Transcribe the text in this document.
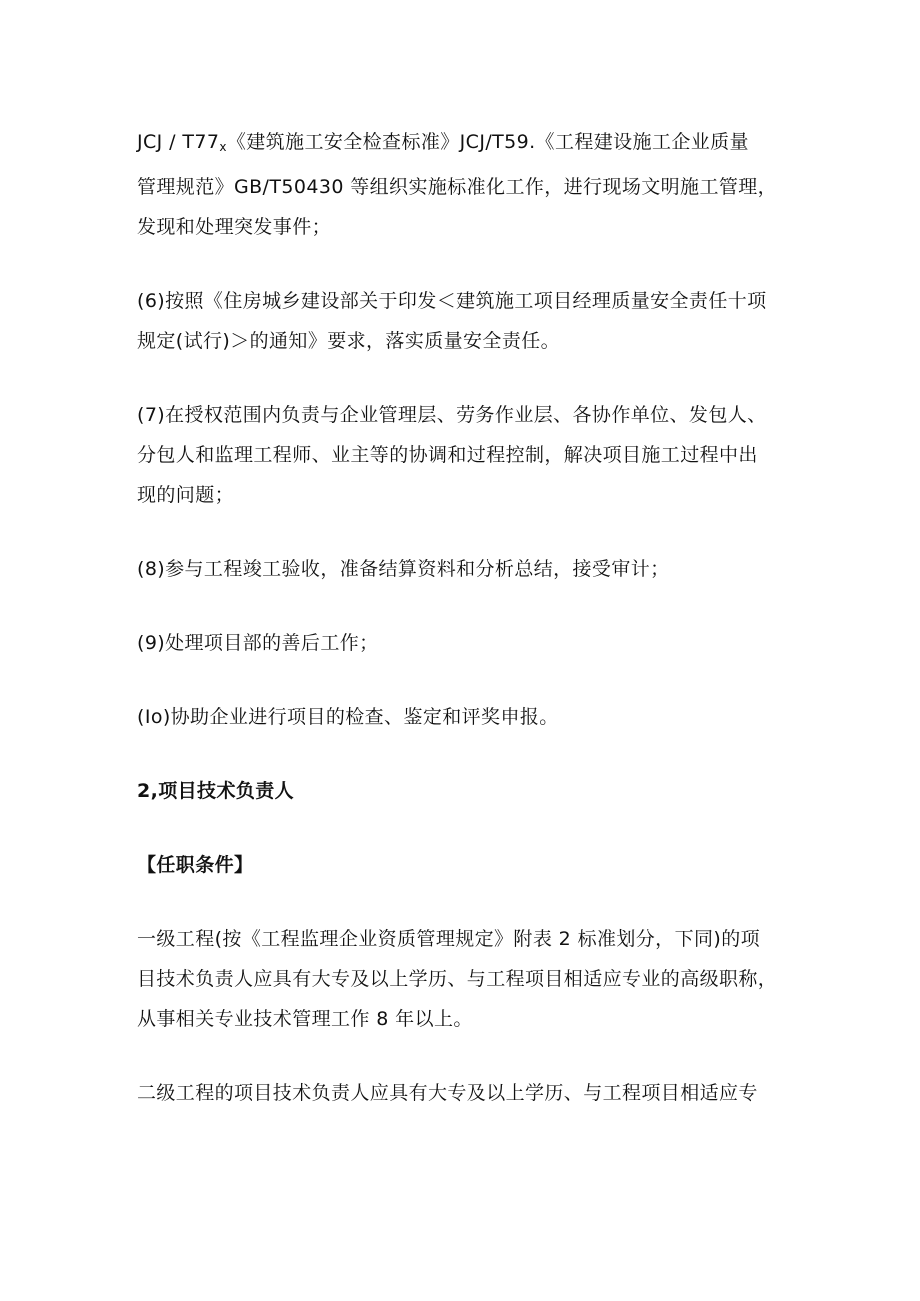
JCJ / $T77_x$《建筑施工安全检查标准》JCJ/T59.《工程建设施工企业质量
管理规范》GB/T50430 等组织实施标准化工作，进行现场文明施工管理，
发现和处理突发事件；

(6)按照《住房城乡建设部关于印发＜建筑施工项目经理质量安全责任十项
规定(试行)＞的通知》要求，落实质量安全责任。

(7)在授权范围内负责与企业管理层、劳务作业层、各协作单位、发包人、
分包人和监理工程师、业主等的协调和过程控制，解决项目施工过程中出
现的问题；

(8)参与工程竣工验收，准备结算资料和分析总结，接受审计；

(9)处理项目部的善后工作；

(Io)协助企业进行项目的检查、鉴定和评奖申报。

2,项目技术负责人

【任职条件】

一级工程(按《工程监理企业资质管理规定》附表 2 标准划分，下同)的项
目技术负责人应具有大专及以上学历、与工程项目相适应专业的高级职称，
从事相关专业技术管理工作 8 年以上。

二级工程的项目技术负责人应具有大专及以上学历、与工程项目相适应专
